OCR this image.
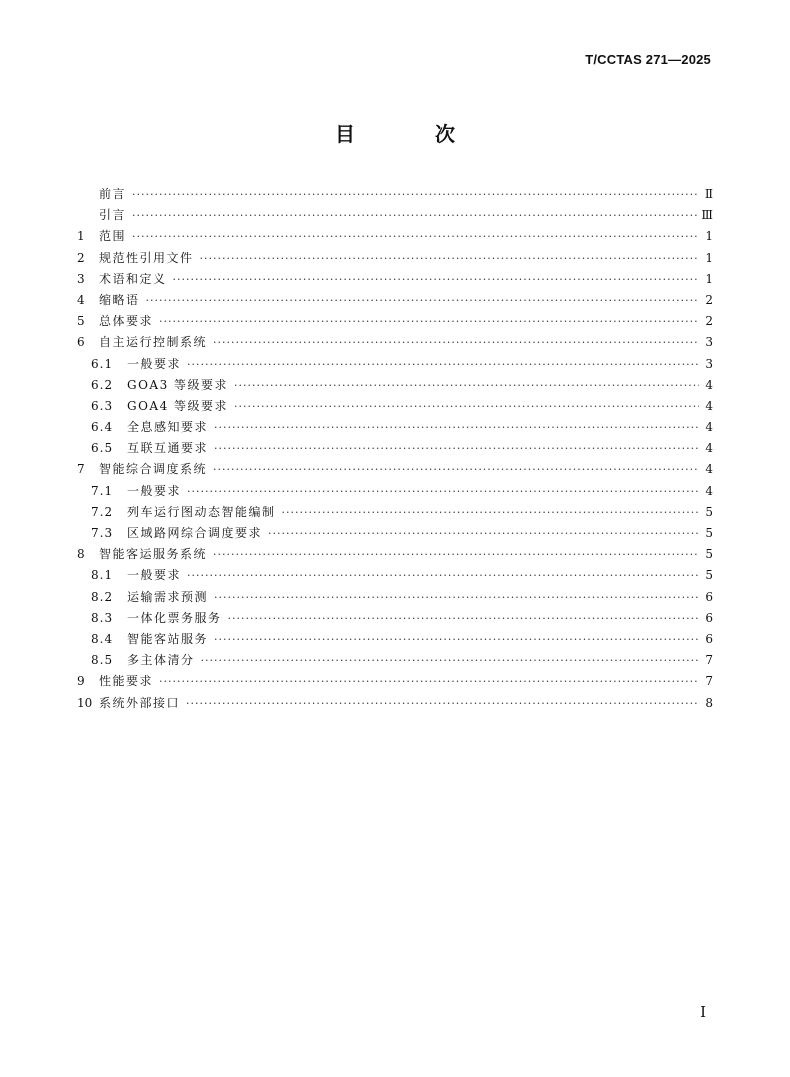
T/CCTAS 271—2025
目　次
前言 ·····	Ⅱ
引言 ·····	Ⅲ
1	范围 ·····	1
2	规范性引用文件 ·····	1
3	术语和定义 ·····	1
4	缩略语 ·····	2
5	总体要求 ·····	2
6	自主运行控制系统 ·····	3
6.1	一般要求 ·····	3
6.2	GOA3 等级要求 ·····	4
6.3	GOA4 等级要求 ·····	4
6.4	全息感知要求 ·····	4
6.5	互联互通要求 ·····	4
7	智能综合调度系统 ·····	4
7.1	一般要求 ·····	4
7.2	列车运行图动态智能编制 ·····	5
7.3	区域路网综合调度要求 ·····	5
8	智能客运服务系统 ·····	5
8.1	一般要求 ·····	5
8.2	运输需求预测 ·····	6
8.3	一体化票务服务 ·····	6
8.4	智能客站服务 ·····	6
8.5	多主体清分 ·····	7
9	性能要求 ·····	7
10 系统外部接口 ·····	8
I
